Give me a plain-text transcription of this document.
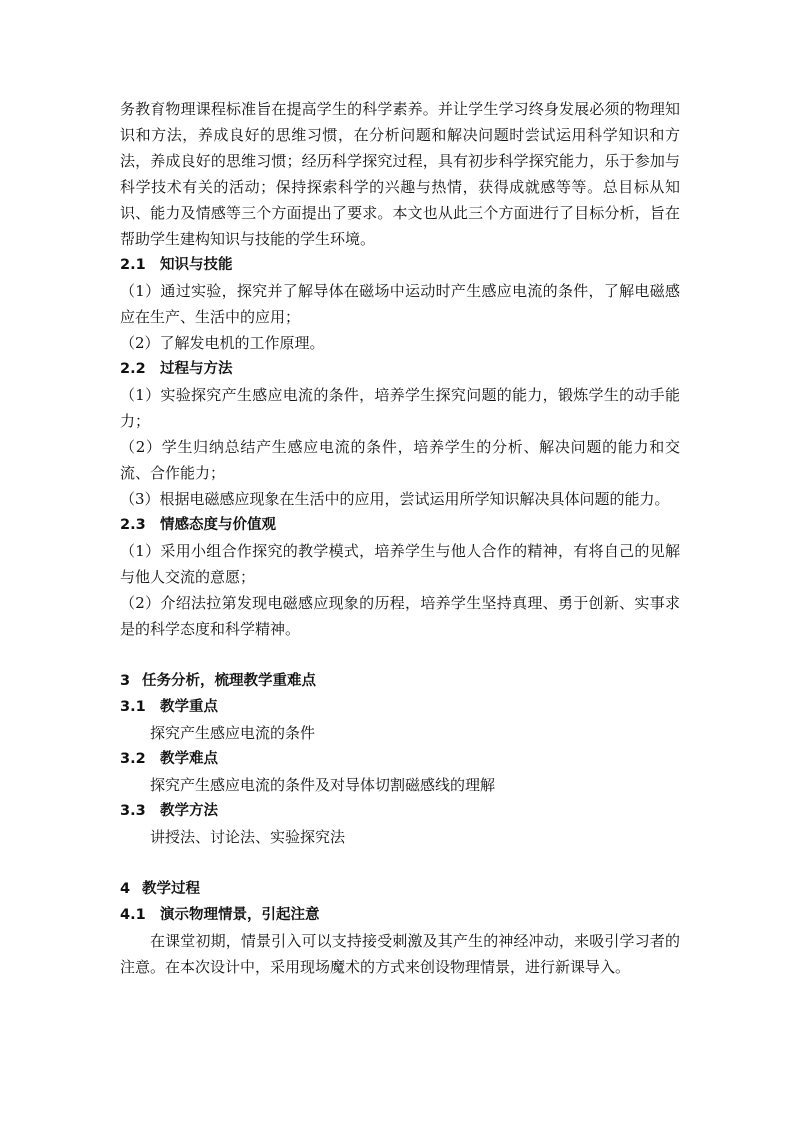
务教育物理课程标准旨在提高学生的科学素养。并让学生学习终身发展必须的物理知识和方法，养成良好的思维习惯，在分析问题和解决问题时尝试运用科学知识和方法，养成良好的思维习惯；经历科学探究过程，具有初步科学探究能力，乐于参加与科学技术有关的活动；保持探索科学的兴趣与热情，获得成就感等等。总目标从知识、能力及情感等三个方面提出了要求。本文也从此三个方面进行了目标分析，旨在帮助学生建构知识与技能的学生环境。

2.1 知识与技能

（1）通过实验，探究并了解导体在磁场中运动时产生感应电流的条件，了解电磁感应在生产、生活中的应用；

（2）了解发电机的工作原理。

2.2 过程与方法

（1）实验探究产生感应电流的条件，培养学生探究问题的能力，锻炼学生的动手能力；

（2）学生归纳总结产生感应电流的条件，培养学生的分析、解决问题的能力和交流、合作能力；

（3）根据电磁感应现象在生活中的应用，尝试运用所学知识解决具体问题的能力。

2.3 情感态度与价值观

（1）采用小组合作探究的教学模式，培养学生与他人合作的精神，有将自己的见解与他人交流的意愿；

（2）介绍法拉第发现电磁感应现象的历程，培养学生坚持真理、勇于创新、实事求是的科学态度和科学精神。

3 任务分析，梳理教学重难点
3.1 教学重点

探究产生感应电流的条件

3.2 教学难点

探究产生感应电流的条件及对导体切割磁感线的理解

3.3 教学方法

讲授法、讨论法、实验探究法

4 教学过程
4.1 演示物理情景，引起注意

在课堂初期，情景引入可以支持接受刺激及其产生的神经冲动，来吸引学习者的注意。在本次设计中，采用现场魔术的方式来创设物理情景，进行新课导入。
